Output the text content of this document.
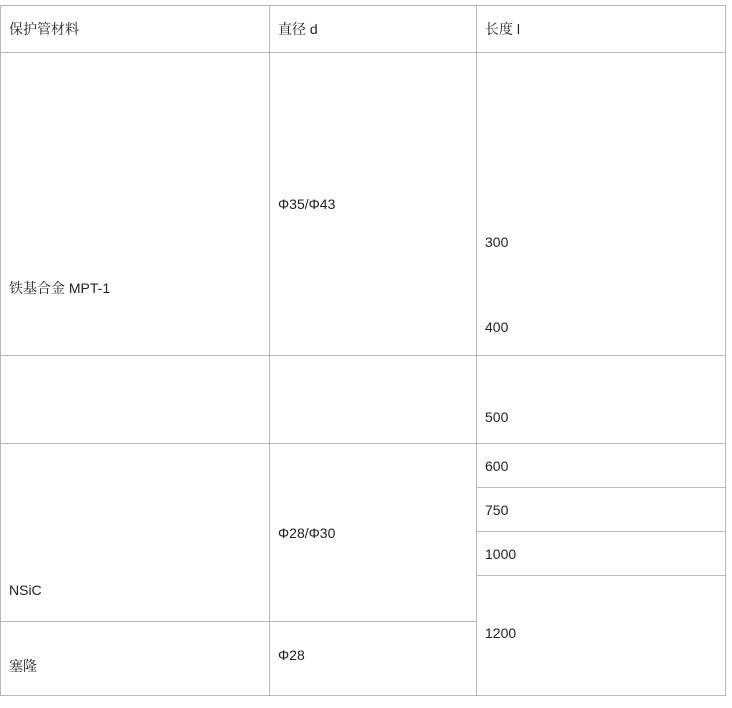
保护管材料	直径 d	长度 l
铁基合金 MPT-1
NSiC
塞隆
Φ35/Φ43
Φ28/Φ30
Φ28
300
400
500
600
750
1000
1200
